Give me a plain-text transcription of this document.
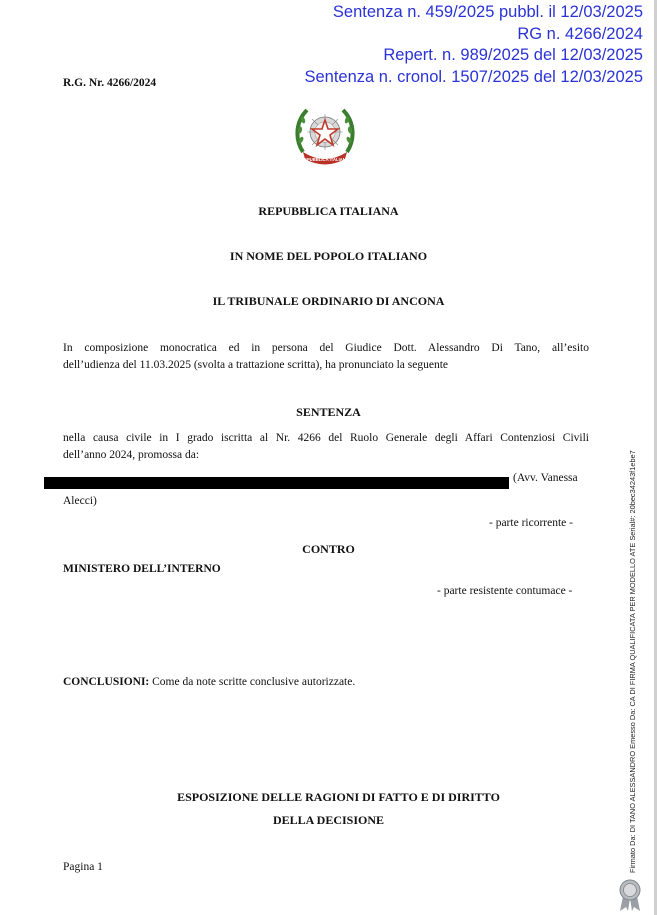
Sentenza n. 459/2025 pubbl. il 12/03/2025
RG n. 4266/2024
Repert. n. 989/2025 del 12/03/2025
Sentenza n. cronol. 1507/2025 del 12/03/2025
R.G. Nr. 4266/2024
REPUBBLICA ITALIANA
REPUBBLICA ITALIANA
IN NOME DEL POPOLO ITALIANO
IL TRIBUNALE ORDINARIO DI ANCONA
In composizione monocratica ed in persona del Giudice Dott. Alessandro Di Tano, all’esito
dell’udienza del 11.03.2025 (svolta a trattazione scritta), ha pronunciato la seguente
SENTENZA
nella causa civile in I grado iscritta al Nr. 4266 del Ruolo Generale degli Affari Contenziosi Civili
dell’anno 2024, promossa da:
(Avv. Vanessa
Alecci)
- parte ricorrente -
CONTRO
MINISTERO DELL’INTERNO
- parte resistente contumace -
CONCLUSIONI: Come da note scritte conclusive autorizzate.
ESPOSIZIONE DELLE RAGIONI DI FATTO E DI DIRITTO
DELLA DECISIONE
Pagina 1	Firmato Da: DI TANO ALESSANDRO Emesso Da: CA DI FIRMA QUALIFICATA PER MODELLO ATE Serial#: 20bec34243f1ebe7
